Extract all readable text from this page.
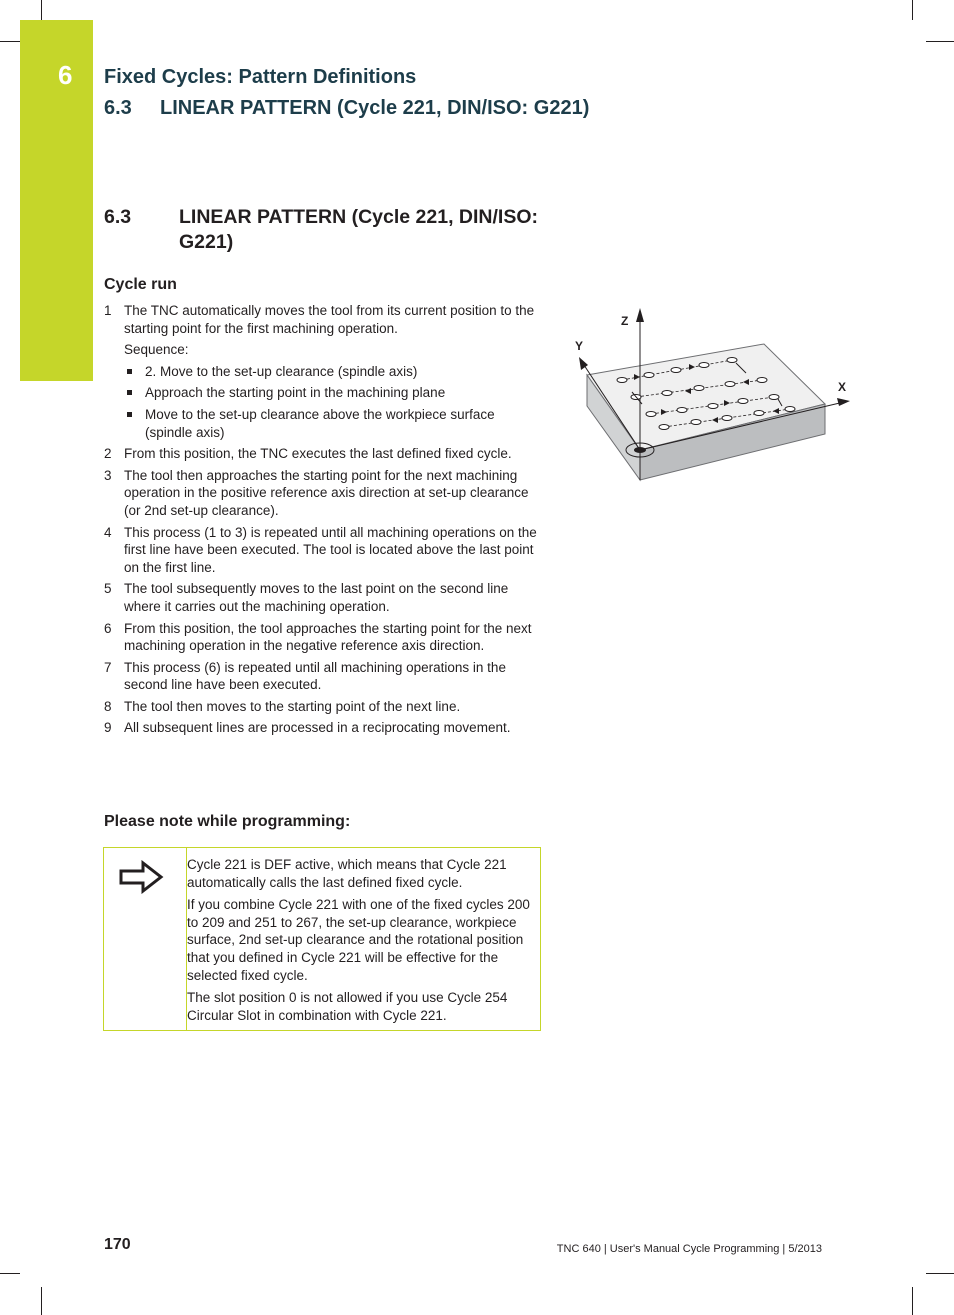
6 Fixed Cycles: Pattern Definitions
6.3 LINEAR PATTERN (Cycle 221, DIN/ISO: G221)
6.3 LINEAR PATTERN (Cycle 221, DIN/ISO: G221)
Cycle run
1 The TNC automatically moves the tool from its current position to the starting point for the first machining operation.
Sequence:
2. Move to the set-up clearance (spindle axis)
Approach the starting point in the machining plane
Move to the set-up clearance above the workpiece surface (spindle axis)
2 From this position, the TNC executes the last defined fixed cycle.
3 The tool then approaches the starting point for the next machining operation in the positive reference axis direction at set-up clearance (or 2nd set-up clearance).
4 This process (1 to 3) is repeated until all machining operations on the first line have been executed. The tool is located above the last point on the first line.
5 The tool subsequently moves to the last point on the second line where it carries out the machining operation.
6 From this position, the tool approaches the starting point for the next machining operation in the negative reference axis direction.
7 This process (6) is repeated until all machining operations in the second line have been executed.
8 The tool then moves to the starting point of the next line.
9 All subsequent lines are processed in a reciprocating movement.
Please note while programming:

Cycle 221 is DEF active, which means that Cycle 221 automatically calls the last defined fixed cycle.

If you combine Cycle 221 with one of the fixed cycles 200 to 209 and 251 to 267, the set-up clearance, workpiece surface, 2nd set-up clearance and the rotational position that you defined in Cycle 221 will be effective for the selected fixed cycle.

The slot position 0 is not allowed if you use Cycle 254 Circular Slot in combination with Cycle 221.

Z
Y
X
170	TNC 640 | User's Manual Cycle Programming | 5/2013
